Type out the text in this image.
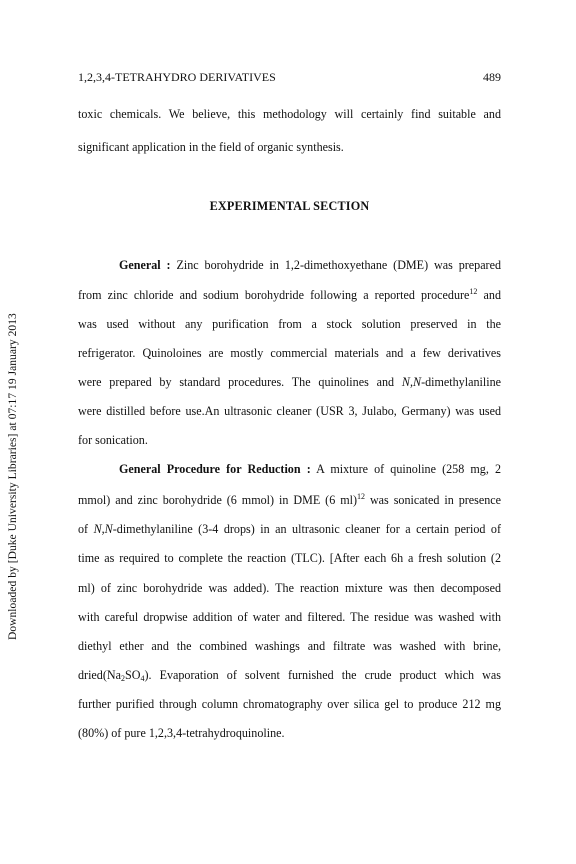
1,2,3,4-TETRAHYDRO DERIVATIVES	489
Downloaded by [Duke University Libraries] at 07:17 19 January 2013
toxic chemicals. We believe, this methodology will certainly find suitable and
significant application in the field of organic synthesis.
EXPERIMENTAL SECTION
General : Zinc borohydride in 1,2-dimethoxyethane (DME) was prepared
from zinc chloride and sodium borohydride following a reported procedure$^{12}$ and
was used without any purification from a stock solution preserved in the
refrigerator. Quinoloines are mostly commercial materials and a few derivatives
were prepared by standard procedures. The quinolines and N,N-dimethylaniline
were distilled before use.An ultrasonic cleaner (USR 3, Julabo, Germany) was used
for sonication.
General Procedure for Reduction : A mixture of quinoline (258 mg, 2
mmol) and zinc borohydride (6 mmol) in DME (6 ml)$^{12}$ was sonicated in presence
of N,N-dimethylaniline (3-4 drops) in an ultrasonic cleaner for a certain period of
time as required to complete the reaction (TLC). [After each 6h a fresh solution (2
ml) of zinc borohydride was added). The reaction mixture was then decomposed
with careful dropwise addition of water and filtered. The residue was washed with
diethyl ether and the combined washings and filtrate was washed with brine,
$dried(Na_2SO_4)$. Evaporation of solvent furnished the crude product which was
further purified through column chromatography over silica gel to produce 212 mg
(80%) of pure 1,2,3,4-tetrahydroquinoline.
